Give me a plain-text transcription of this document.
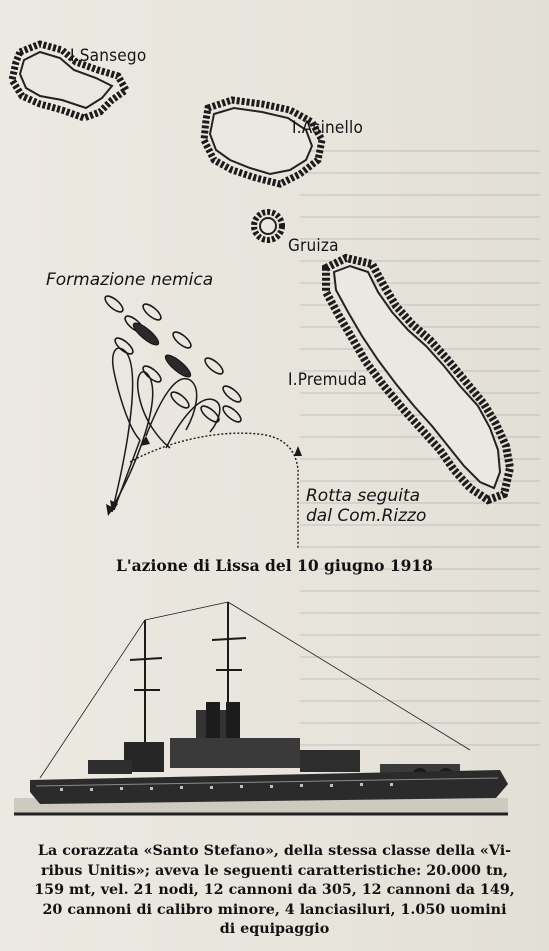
I.Sansego
I.Asinello
Gruiza
I.Premuda
Formazione nemica
Rotta seguita
dal Com.Rizzo
L'azione di Lissa del 10 giugno 1918
La corazzata «Santo Stefano», della stessa classe della «Vi-
ribus Unitis»; aveva le seguenti caratteristiche: 20.000 tn,
159 mt, vel. 21 nodi, 12 cannoni da 305, 12 cannoni da 149,
20 cannoni di calibro minore, 4 lanciasiluri, 1.050 uomini
di equipaggio
